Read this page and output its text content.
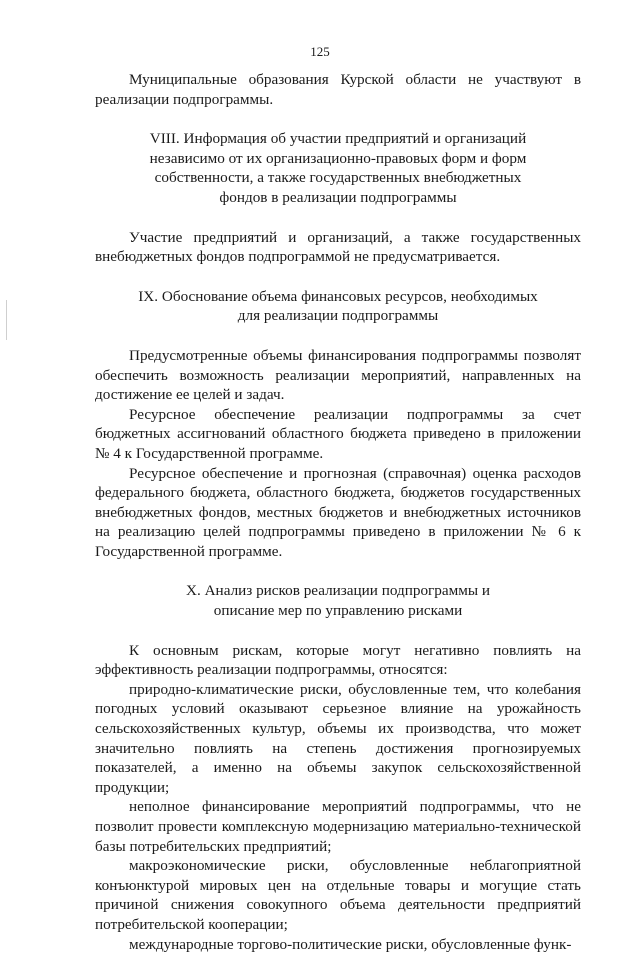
125

Муниципальные образования Курской области не участвуют в реализации подпрограммы.

VIII. Информация об участии предприятий и организаций независимо от их организационно-правовых форм и форм собственности, а также государственных внебюджетных фондов в реализации подпрограммы

Участие предприятий и организаций, а также государственных внебюджетных фондов подпрограммой не предусматривается.

IX. Обоснование объема финансовых ресурсов, необходимых для реализации подпрограммы

Предусмотренные объемы финансирования подпрограммы позволят обеспечить возможность реализации мероприятий, направленных на достижение ее целей и задач.

Ресурсное обеспечение реализации подпрограммы за счет бюджетных ассигнований областного бюджета приведено в приложении № 4 к Государственной программе.

Ресурсное обеспечение и прогнозная (справочная) оценка расходов федерального бюджета, областного бюджета, бюджетов государственных внебюджетных фондов, местных бюджетов и внебюджетных источников на реализацию целей подпрограммы приведено в приложении № 6 к Государственной программе.

X. Анализ рисков реализации подпрограммы и описание мер по управлению рисками

К основным рискам, которые могут негативно повлиять на эффективность реализации подпрограммы, относятся:

природно-климатические риски, обусловленные тем, что колебания погодных условий оказывают серьезное влияние на урожайность сельскохозяйственных культур, объемы их производства, что может значительно повлиять на степень достижения прогнозируемых показателей, а именно на объемы закупок сельскохозяйственной продукции;

неполное финансирование мероприятий подпрограммы, что не позволит провести комплексную модернизацию материально-технической базы потребительских предприятий;

макроэкономические риски, обусловленные неблагоприятной конъюнктурой мировых цен на отдельные товары и могущие стать причиной снижения совокупного объема деятельности предприятий потребительской кооперации;

международные торгово-политические риски, обусловленные функ-
